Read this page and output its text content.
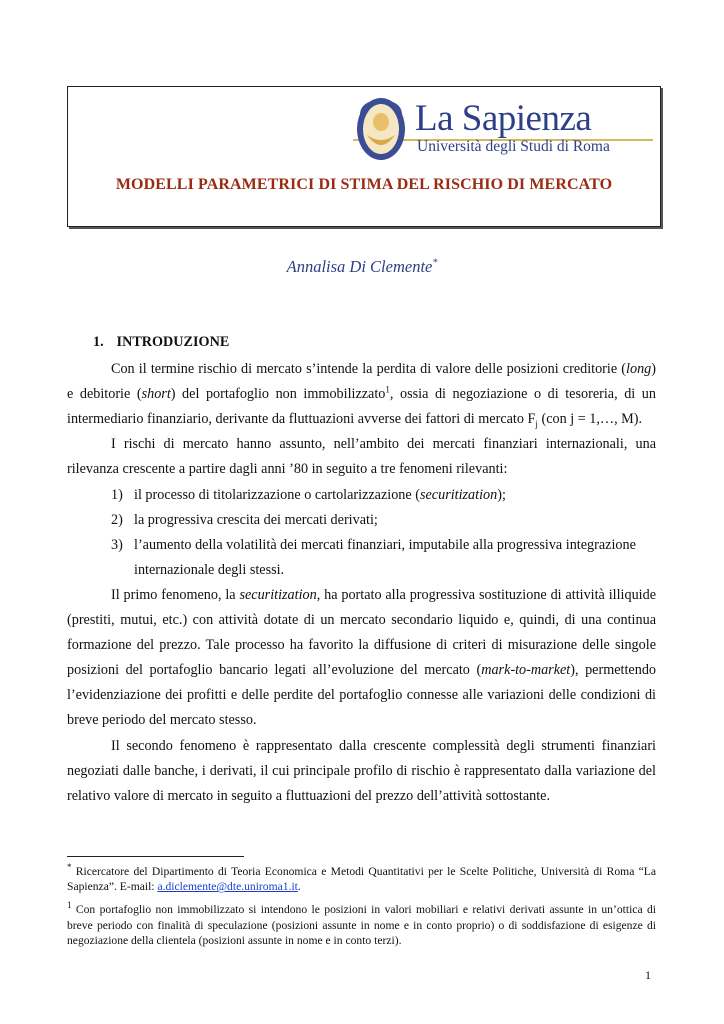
La Sapienza
Università degli Studi di Roma
MODELLI PARAMETRICI DI STIMA DEL RISCHIO DI MERCATO
Annalisa Di Clemente*
1. INTRODUZIONE

Con il termine rischio di mercato s’intende la perdita di valore delle posizioni creditorie (long) e debitorie (short) del portafoglio non immobilizzato$^1$, ossia di negoziazione o di tesoreria, di un intermediario finanziario, derivante da fluttuazioni avverse dei fattori di mercato $F_j$ (con j = 1,…, M).

I rischi di mercato hanno assunto, nell’ambito dei mercati finanziari internazionali, una rilevanza crescente a partire dagli anni ’80 in seguito a tre fenomeni rilevanti:

1) il processo di titolarizzazione o cartolarizzazione (securitization);
2) la progressiva crescita dei mercati derivati;
3) l’aumento della volatilità dei mercati finanziari, imputabile alla progressiva integrazione internazionale degli stessi.

Il primo fenomeno, la securitization, ha portato alla progressiva sostituzione di attività illiquide (prestiti, mutui, etc.) con attività dotate di un mercato secondario liquido e, quindi, di una continua formazione del prezzo. Tale processo ha favorito la diffusione di criteri di misurazione delle singole posizioni del portafoglio bancario legati all’evoluzione del mercato (mark-to-market), permettendo l’evidenziazione dei profitti e delle perdite del portafoglio connesse alle variazioni delle condizioni di breve periodo del mercato stesso.

Il secondo fenomeno è rappresentato dalla crescente complessità degli strumenti finanziari negoziati dalle banche, i derivati, il cui principale profilo di rischio è rappresentato dalla variazione del relativo valore di mercato in seguito a fluttuazioni del prezzo dell’attività sottostante.

* Ricercatore del Dipartimento di Teoria Economica e Metodi Quantitativi per le Scelte Politiche, Università di Roma “La Sapienza”. E-mail: a.diclemente@dte.uniroma1.it.

$^1$ Con portafoglio non immobilizzato si intendono le posizioni in valori mobiliari e relativi derivati assunte in un’ottica di breve periodo con finalità di speculazione (posizioni assunte in nome e in conto proprio) o di soddisfazione di esigenze di negoziazione della clientela (posizioni assunte in nome e in conto terzi).

1
